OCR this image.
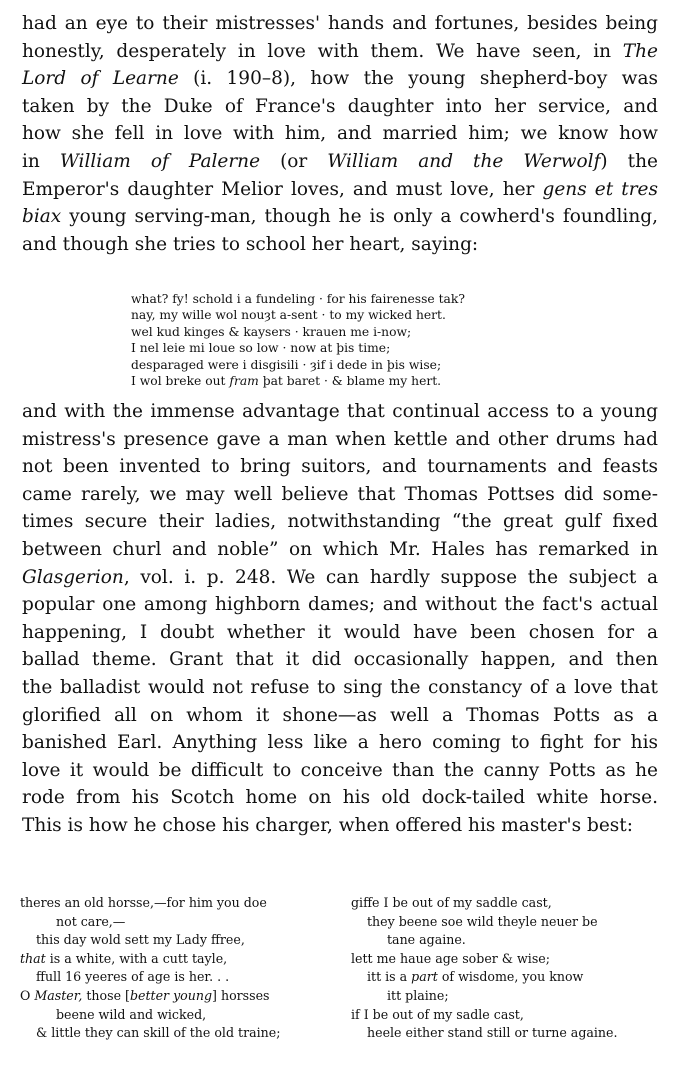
had an eye to their mistresses' hands and fortunes, besides being
honestly, desperately in love with them. We have seen, in The
Lord of Learne (i. 190–8), how the young shepherd-boy was
taken by the Duke of France's daughter into her service, and
how she fell in love with him, and married him; we know how
in William of Palerne (or William and the Werwolf) the
Emperor's daughter Melior loves, and must love, her gens et tres
biax young serving-man, though he is only a cowherd's foundling,
and though she tries to school her heart, saying:

what? fy! schold i a fundeling · for his fairenesse tak?
nay, my wille wol nouȝt a-sent · to my wicked hert.
wel kud kinges & kaysers · krauen me i-now;
I nel leie mi loue so low · now at þis time;
desparaged were i disgisili · ȝif i dede in þis wise;
I wol breke out fram þat baret · & blame my hert.

and with the immense advantage that continual access to a young
mistress's presence gave a man when kettle and other drums had
not been invented to bring suitors, and tournaments and feasts
came rarely, we may well believe that Thomas Pottses did some-
times secure their ladies, notwithstanding “the great gulf fixed
between churl and noble” on which Mr. Hales has remarked in
Glasgerion, vol. i. p. 248. We can hardly suppose the subject a
popular one among highborn dames; and without the fact's actual
happening, I doubt whether it would have been chosen for a
ballad theme. Grant that it did occasionally happen, and then
the balladist would not refuse to sing the constancy of a love that
glorified all on whom it shone—as well a Thomas Potts as a
banished Earl. Anything less like a hero coming to fight for his
love it would be difficult to conceive than the canny Potts as he
rode from his Scotch home on his old dock-tailed white horse.
This is how he chose his charger, when offered his master's best:

theres an old horsse,—for him you doe
not care,—
this day wold sett my Lady ffree,
that is a white, with a cutt tayle,
ffull 16 yeeres of age is her. . .
O Master, those [better young] horsses
beene wild and wicked,
& little they can skill of the old traine;
giffe I be out of my saddle cast,
they beene soe wild theyle neuer be
tane againe.
lett me haue age sober & wise;
itt is a part of wisdome, you know
itt plaine;
if I be out of my sadle cast,
heele either stand still or turne againe.
